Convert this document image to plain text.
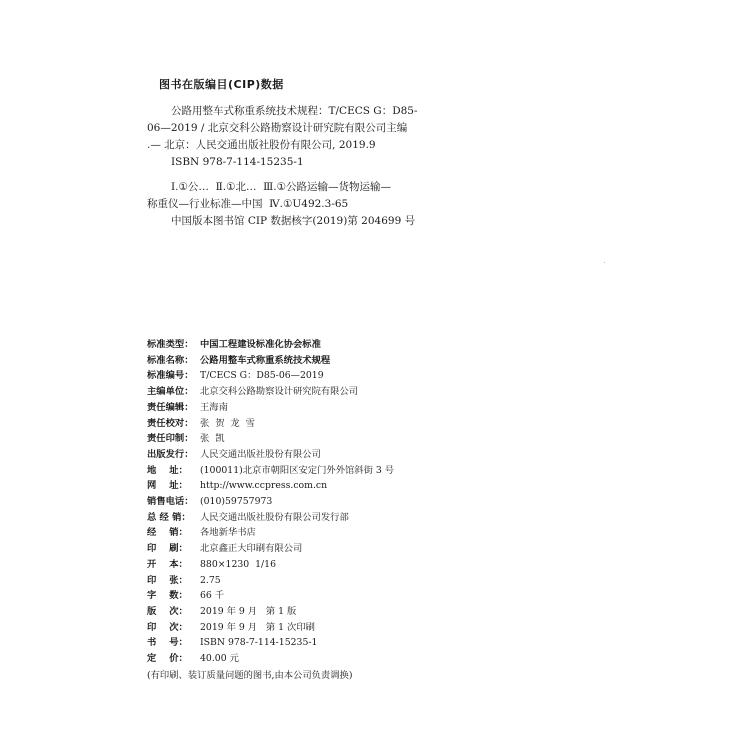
图书在版编目(CIP)数据
公路用整车式称重系统技术规程：T/CECS G：D85-
06—2019 / 北京交科公路勘察设计研究院有限公司主编
.— 北京：人民交通出版社股份有限公司, 2019.9
ISBN 978-7-114-15235-1
Ⅰ.①公…  Ⅱ.①北…  Ⅲ.①公路运输—货物运输—
称重仪—行业标准—中国  Ⅳ.①U492.3-65
中国版本图书馆 CIP 数据核字(2019)第 204699 号
标准类型： 中国工程建设标准化协会标准
标准名称： 公路用整车式称重系统技术规程
标准编号： T/CECS G：D85-06—2019
主编单位： 北京交科公路勘察设计研究院有限公司
责任编辑： 王海南
责任校对： 张  贺  龙  雪
责任印制： 张  凯
出版发行： 人民交通出版社股份有限公司
地    址：	(100011)北京市朝阳区安定门外外馆斜街 3 号
网    址：	http://www.ccpress.com.cn
销售电话： (010)59757973
总 经 销：	人民交通出版社股份有限公司发行部
经    销：	各地新华书店
印    刷：	北京鑫正大印刷有限公司
开    本：	880×1230  1/16
印    张：	2.75
字    数：	66 千
版    次：	2019 年 9 月   第 1 版
印    次：	2019 年 9 月   第 1 次印刷
书    号：	ISBN 978-7-114-15235-1
定    价：	40.00 元
(有印刷、装订质量问题的图书,由本公司负责调换)
